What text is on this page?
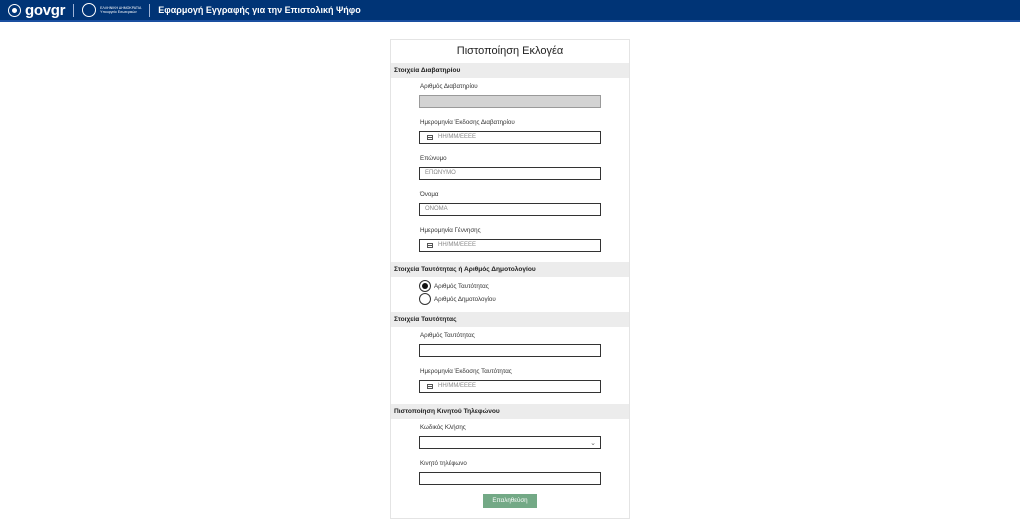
govgr	ΕΛΛΗΝΙΚΗ ΔΗΜΟΚΡΑΤΙΑ
Υπουργείο Εσωτερικών	Εφαρμογή Εγγραφής για την Επιστολική Ψήφο
Πιστοποίηση Εκλογέα
Στοιχεία Διαβατηρίου
Αριθμός Διαβατηρίου
Ημερομηνία Έκδοσης Διαβατηρίου
ΗΗ/ΜΜ/ΕΕΕΕ
Επώνυμο
ΕΠΩΝΥΜΟ
Όνομα
ΟΝΟΜΑ
Ημερομηνία Γέννησης
ΗΗ/ΜΜ/ΕΕΕΕ
Στοιχεία Ταυτότητας ή Αριθμός Δημοτολογίου
Αριθμός Ταυτότητας
Αριθμός Δημοτολογίου
Στοιχεία Ταυτότητας
Αριθμός Ταυτότητας
Ημερομηνία Έκδοσης Ταυτότητας
ΗΗ/ΜΜ/ΕΕΕΕ
Πιστοποίηση Κινητού Τηλεφώνου
Κωδικός Κλήσης
⌄
Κινητό τηλέφωνο
Επαληθεύση
